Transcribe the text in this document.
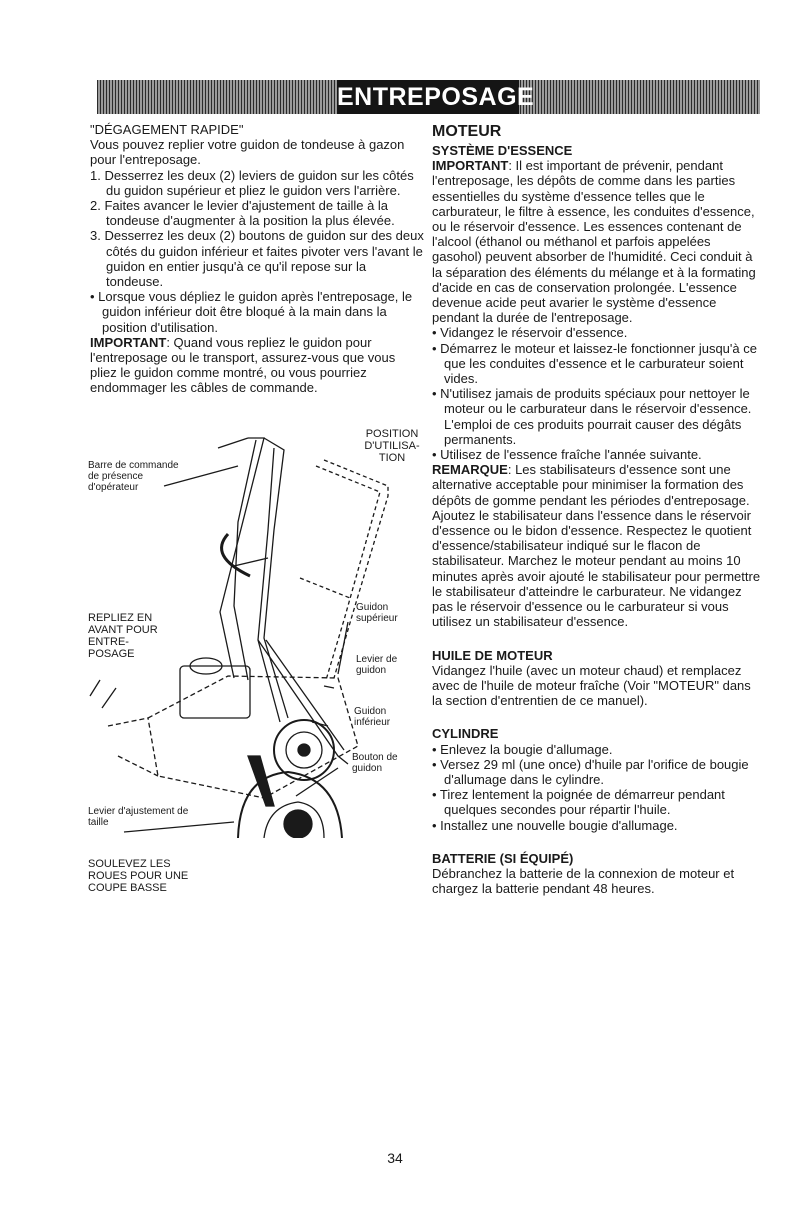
ENTREPOSAGE

"DÉGAGEMENT RAPIDE"

Vous pouvez replier votre guidon de tondeuse à gazon pour l'entreposage.

1. Desserrez les deux (2) leviers de guidon sur les côtés du guidon supérieur et pliez le guidon vers l'arrière.

2. Faites avancer le levier d'ajustement de taille à la tondeuse d'augmenter à la position la plus élevée.

3. Desserrez les deux (2) boutons de guidon sur des deux côtés du guidon inférieur et faites pivoter vers l'avant le guidon en entier jusqu'à ce qu'il repose sur la tondeuse.

• Lorsque vous dépliez le guidon après l'entreposage, le guidon inférieur doit être bloqué à la main dans la position d'utilisation.

IMPORTANT: Quand vous repliez le guidon pour l'entreposage ou le transport, assurez-vous que vous pliez le guidon comme montré, ou vous pourriez endommager les câbles de commande.

Barre de commande de présence d'opérateur
POSITION D'UTILISA- TION
REPLIEZ EN AVANT POUR ENTRE- POSAGE
Guidon supérieur
Levier de guidon
Guidon inférieur
Bouton de guidon
Levier d'ajustement de taille
SOULEVEZ LES ROUES POUR UNE COUPE BASSE
MOTEUR
SYSTÈME D'ESSENCE

IMPORTANT: Il est important de prévenir, pendant l'entreposage, les dépôts de comme dans les parties essentielles du système d'essence telles que le carburateur, le filtre à essence, les conduites d'essence, ou le réservoir d'essence. Les essences contenant de l'alcool (éthanol ou méthanol et parfois appelées gasohol) peuvent absorber de l'humidité. Ceci conduit à la séparation des éléments du mélange et à la formating d'acide en cas de conservation prolongée. L'essence devenue acide peut avarier le système d'essence pendant la durée de l'entreposage.

• Vidangez le réservoir d'essence.

• Démarrez le moteur et laissez-le fonctionner jusqu'à ce que les conduites d'essence et le carburateur soient vides.

• N'utilisez jamais de produits spéciaux pour nettoyer le moteur ou le carburateur dans le réservoir d'essence. L'emploi de ces produits pourrait causer des dégâts permanents.

• Utilisez de l'essence fraîche l'année suivante.

REMARQUE: Les stabilisateurs d'essence sont une alternative acceptable pour minimiser la formation des dépôts de gomme pendant les périodes d'entreposage. Ajoutez le stabilisateur dans l'essence dans le réservoir d'essence ou le bidon d'essence. Respectez le quotient d'essence/stabilisateur indiqué sur le flacon de stabilisateur. Marchez le moteur pendant au moins 10 minutes après avoir ajouté le stabilisateur pour permettre le stabilisateur d'atteindre le carburateur. Ne vidangez pas le réservoir d'essence ou le carburateur si vous utilisez un stabilisateur d'essence.

HUILE DE MOTEUR

Vidangez l'huile (avec un moteur chaud) et remplacez avec de l'huile de moteur fraîche (Voir "MOTEUR" dans la section d'entrentien de ce manuel).

CYLINDRE

• Enlevez la bougie d'allumage.

• Versez 29 ml (une once) d'huile par l'orifice de bougie d'allumage dans le cylindre.

• Tirez lentement la poignée de démarreur pendant quelques secondes pour répartir l'huile.

• Installez une nouvelle bougie d'allumage.

BATTERIE (SI ÉQUIPÉ)

Débranchez la batterie de la connexion de moteur et chargez la batterie pendant 48 heures.

34
